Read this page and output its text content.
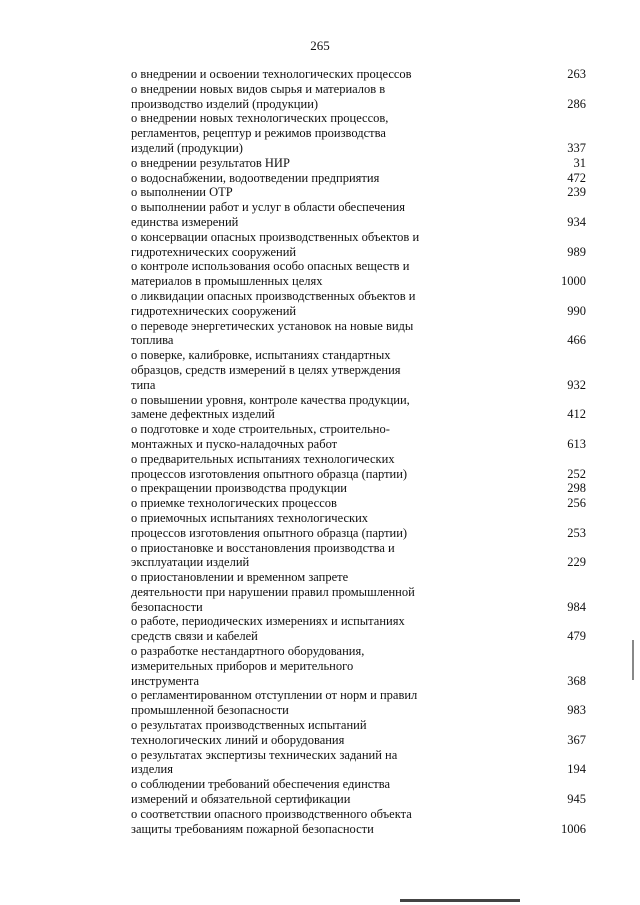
265
о внедрении и освоении технологических процессов	263
о внедрении новых видов сырья и материалов в
производство изделий (продукции)	286
о внедрении новых технологических процессов,
регламентов, рецептур и режимов производства
изделий (продукции)	337
о внедрении результатов НИР	31
о водоснабжении, водоотведении предприятия	472
о выполнении ОТР	239
о выполнении работ и услуг в области обеспечения
единства измерений	934
о консервации опасных производственных объектов и
гидротехнических сооружений	989
о контроле использования особо опасных веществ и
материалов в промышленных целях	1000
о ликвидации опасных производственных объектов и
гидротехнических сооружений	990
о переводе энергетических установок на новые виды
топлива	466
о поверке, калибровке, испытаниях стандартных
образцов, средств измерений в целях утверждения
типа	932
о повышении уровня, контроле качества продукции,
замене дефектных изделий	412
о подготовке и ходе строительных, строительно-
монтажных и пуско-наладочных работ	613
о предварительных испытаниях технологических
процессов изготовления опытного образца (партии)	252
о прекращении производства продукции	298
о приемке технологических процессов	256
о приемочных испытаниях технологических
процессов изготовления опытного образца (партии)	253
о приостановке и восстановления производства и
эксплуатации изделий	229
о приостановлении и временном запрете
деятельности при нарушении правил промышленной
безопасности	984
о работе, периодических измерениях и испытаниях
средств связи и кабелей	479
о разработке нестандартного оборудования,
измерительных приборов и мерительного
инструмента	368
о регламентированном отступлении от норм и правил
промышленной безопасности	983
о результатах производственных испытаний
технологических линий и оборудования	367
о результатах экспертизы технических заданий на
изделия	194
о соблюдении требований обеспечения единства
измерений и обязательной сертификации	945
о соответствии опасного производственного объекта
защиты требованиям пожарной безопасности	1006
